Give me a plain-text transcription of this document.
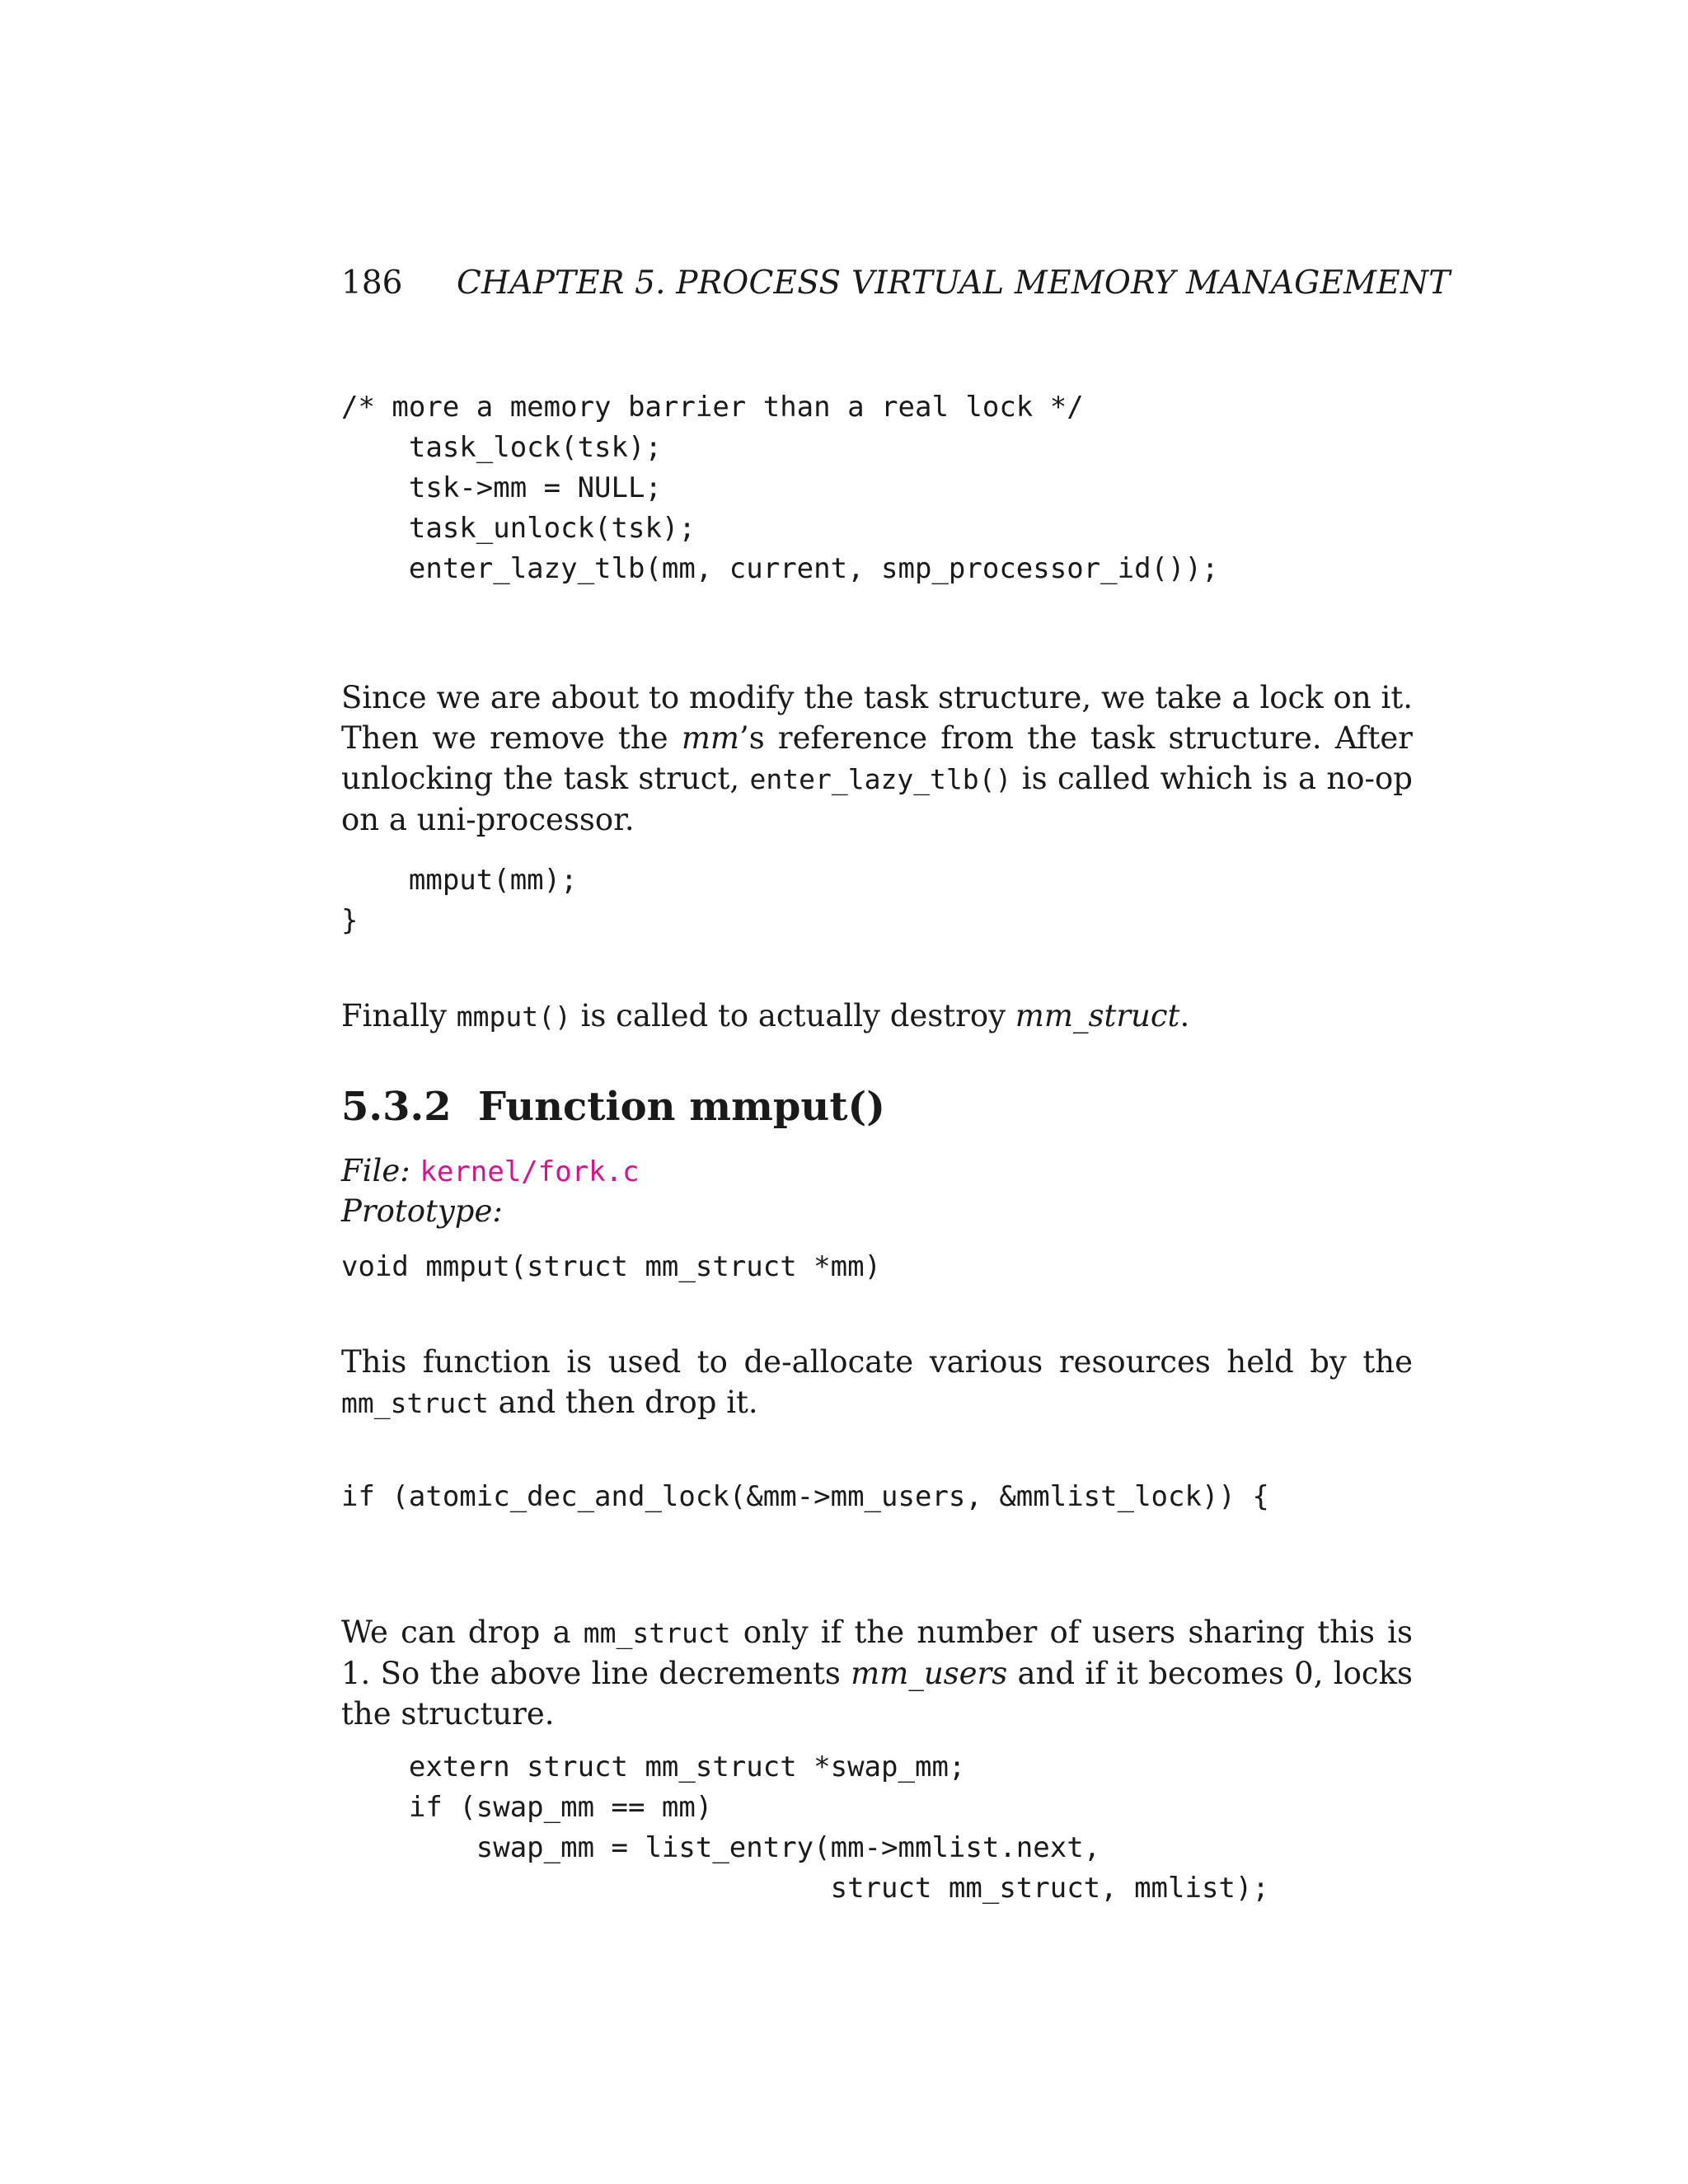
186 CHAPTER 5. PROCESS VIRTUAL MEMORY MANAGEMENT
/* more a memory barrier than a real lock */
task_lock(tsk);
tsk->mm = NULL;
task_unlock(tsk);
enter_lazy_tlb(mm, current, smp_processor_id());

Since we are about to modify the task structure, we take a lock on it. Then we remove the mm’s reference from the task structure. After unlocking the task struct, enter_lazy_tlb() is called which is a no-op on a uni-processor.

mmput(mm);
}

Finally mmput() is called to actually destroy mm_struct.

5.3.2 Function mmput()

File: kernel/fork.c

Prototype:

void mmput(struct mm_struct *mm)

This function is used to de-allocate various resources held by the mm_struct and then drop it.

if (atomic_dec_and_lock(&mm->mm_users, &mmlist_lock)) {

We can drop a mm_struct only if the number of users sharing this is 1. So the above line decrements mm_users and if it becomes 0, locks the structure.

extern struct mm_struct *swap_mm;
if (swap_mm == mm)
swap_mm = list_entry(mm->mmlist.next,
struct mm_struct, mmlist);
